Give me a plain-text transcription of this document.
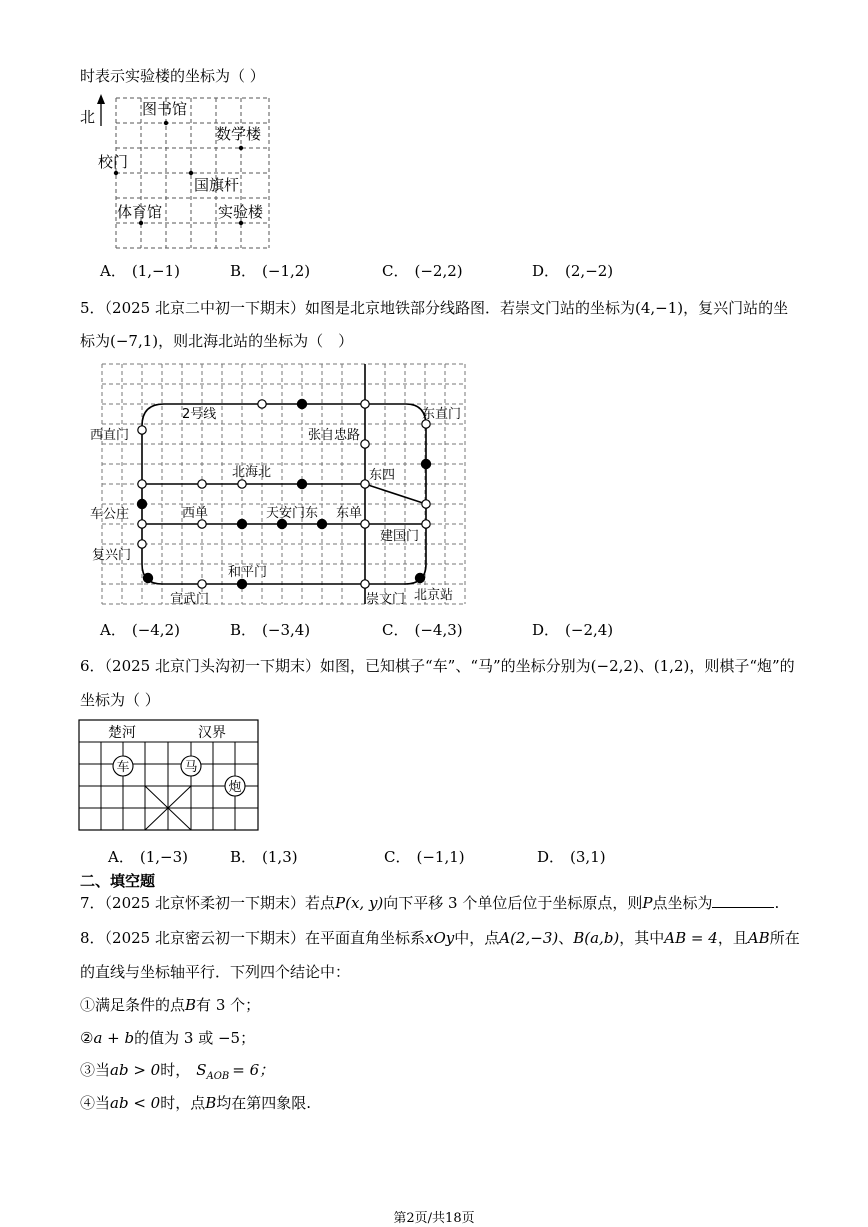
时表示实验楼的坐标为（ ）
北	图书馆
数学楼
校门
国旗杆
体育馆	实验楼
A． (1,−1)	B． (−1,2)	C． (−2,2)	D． (2,−2)
5．（2025 北京二中初一下期末）如图是北京地铁部分线路图．若崇文门站的坐标为(4,−1)，复兴门站的坐
标为(−7,1)，则北海北站的坐标为（　）
2号线
西直门	张自忠路
东直门
北海北	东四
车公庄	西单	天安门东 东单
建国门
复兴门
和平门
宣武门	崇文门 北京站
A． (−4,2)	B． (−3,4)	C． (−4,3)	D． (−2,4)
6．（2025 北京门头沟初一下期末）如图，已知棋子“车”、“马”的坐标分别为(−2,2)、(1,2)，则棋子“炮”的
坐标为（ ）
楚河	汉界
车	马
炮
A． (1,−3)	B． (1,3)	C． (−1,1)	D． (3,1)
二、填空题
7．（2025 北京怀柔初一下期末）若点P(x, y)向下平移 3 个单位后位于坐标原点，则P点坐标为	.
8．（2025 北京密云初一下期末）在平面直角坐标系xOy中，点A(2,−3)、B(a,b)，其中AB = 4，且AB所在
的直线与坐标轴平行．下列四个结论中：
①满足条件的点B有 3 个；
②a + b的值为 3 或 −5；
③当ab > 0时， $S_{AOB} = 6$；
④当ab < 0时，点B均在第四象限.
第2页/共18页
